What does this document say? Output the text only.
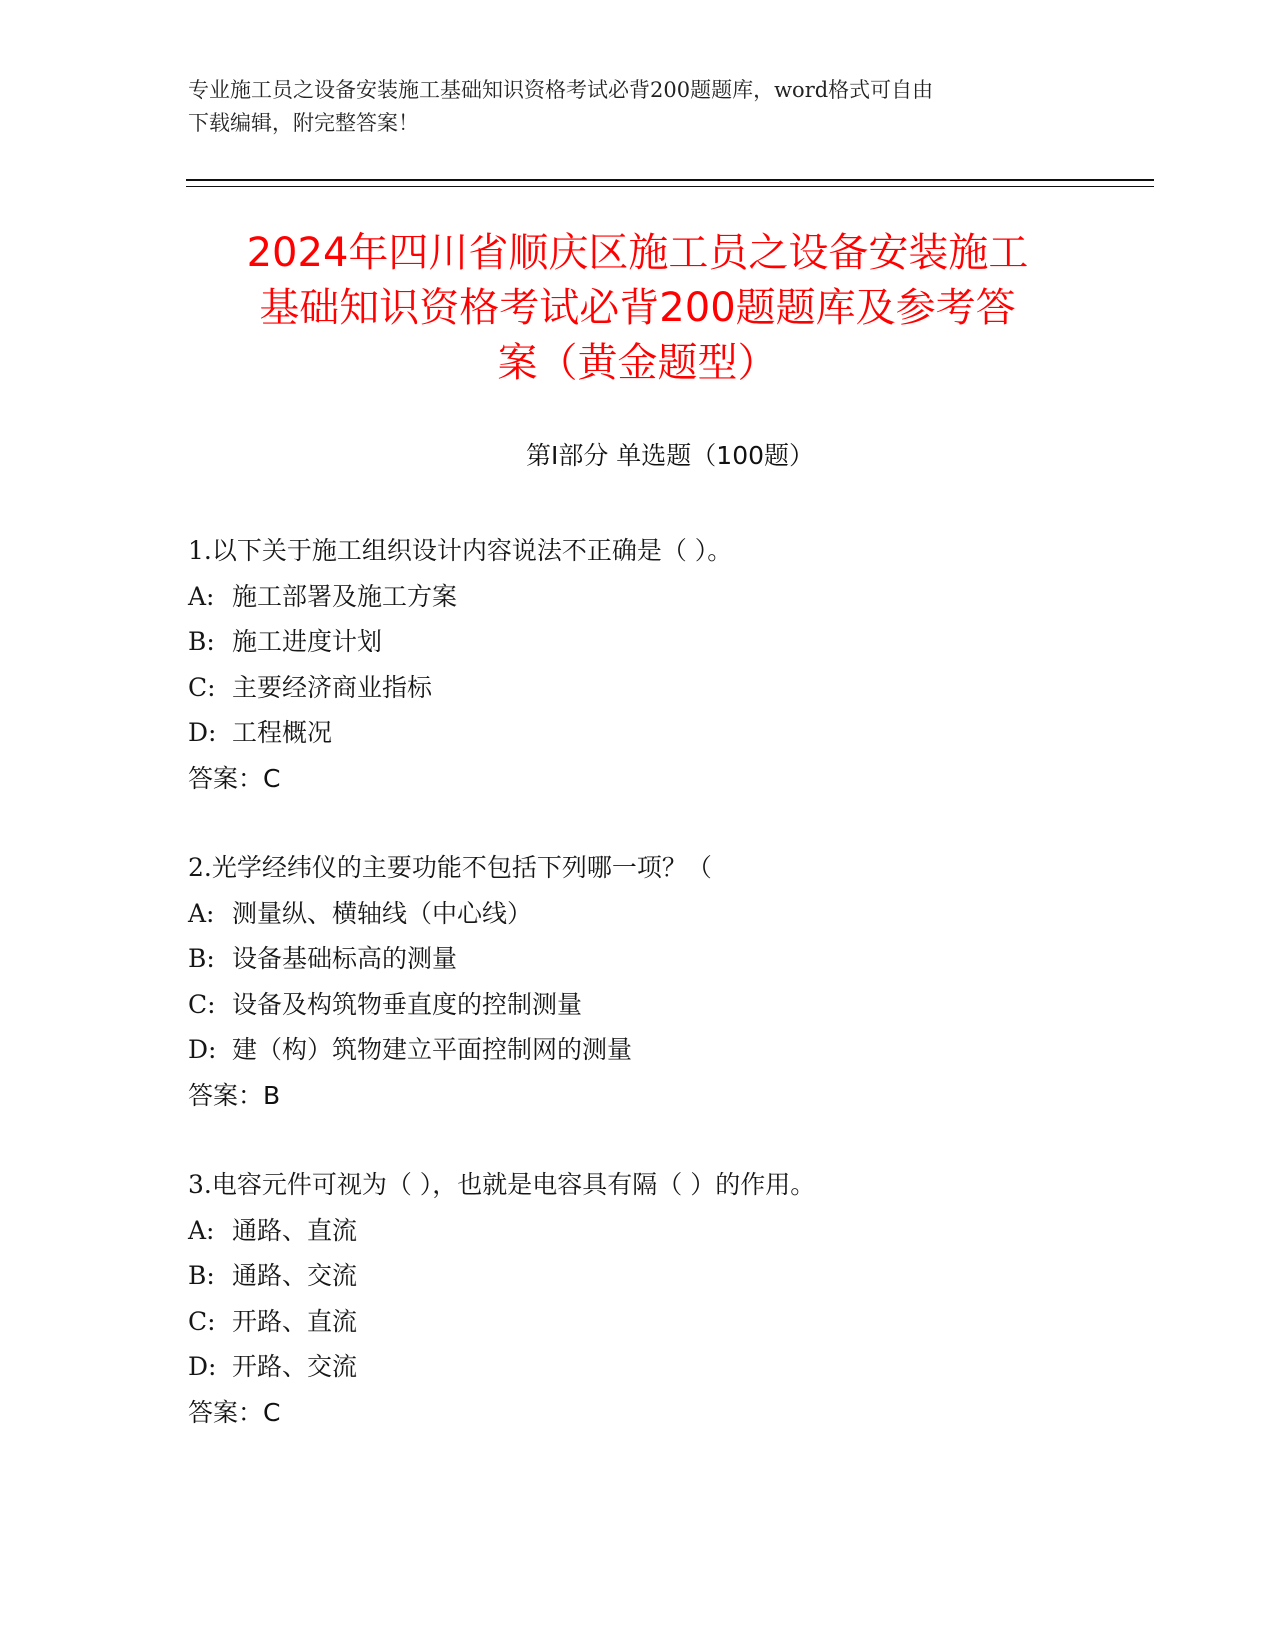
专业施工员之设备安装施工基础知识资格考试必背200题题库，word格式可自由
下载编辑，附完整答案！
2024年四川省顺庆区施工员之设备安装施工
基础知识资格考试必背200题题库及参考答
案（黄金题型）
第Ⅰ部分 单选题（100题）
1.以下关于施工组织设计内容说法不正确是（ ）。
A: 施工部署及施工方案
B: 施工进度计划
C: 主要经济商业指标
D: 工程概况
答案：C
2.光学经纬仪的主要功能不包括下列哪一项？（
A: 测量纵、横轴线（中心线）
B: 设备基础标高的测量
C: 设备及构筑物垂直度的控制测量
D: 建（构）筑物建立平面控制网的测量
答案：B
3.电容元件可视为（ ），也就是电容具有隔（ ）的作用。
A: 通路、直流
B: 通路、交流
C: 开路、直流
D: 开路、交流
答案：C
